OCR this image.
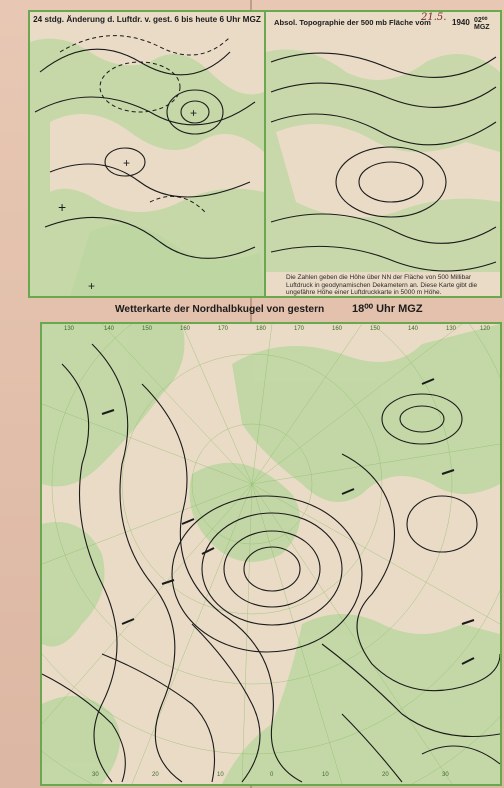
+
+
+
+
24 stdg. Änderung d. Luftdr. v. gest. 6 bis heute 6 Uhr MGZ Absol. Topographie der 500 mb Fläche vom
21.5. 1940 02⁰⁰ MGZ
Die Zahlen geben die Höhe über NN der Fläche von 500 Millibar Luftdruck in geodynamischen Dekametern an. Diese Karte gibt die ungefähre Höhe einer Luftdruckkarte in 5000 m Höhe.
130	140	150	160	170	180	170	160	150	140	130	120
30	20	10	0	10	20	30
Wetterkarte der Nordhalbkugel von gestern	18⁰⁰ Uhr MGZ
